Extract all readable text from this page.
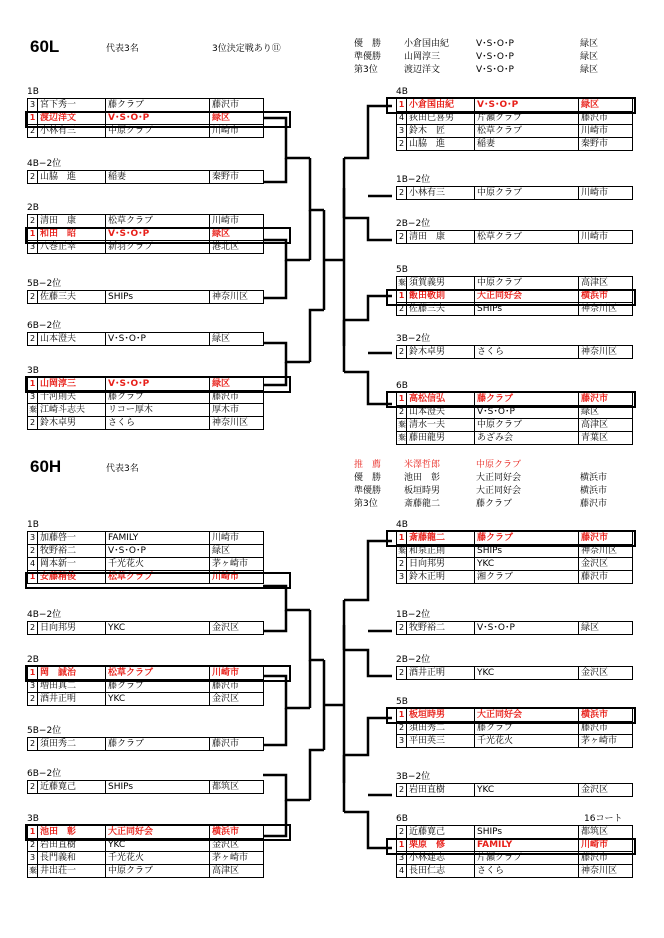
60L	代表3名	3位決定戦あり⑪	優　勝	小倉国由紀	V･S･O･P	緑区
準優勝	山岡淳三	V･S･O･P	緑区
第3位	渡辺洋文	V･S･O･P	緑区
60H	代表3名	推　薦	米澤哲郎	中原クラブ
優　勝	池田　彰	大正同好会	横浜市
準優勝	板垣時男	大正同好会	横浜市
第3位	斎藤龍二	藤クラブ	藤沢市
1B
3	宮下秀一	藤クラブ	藤沢市
1	渡辺洋文	V･S･O･P	緑区
2	小林有三	中原クラブ	川崎市
4B−2位
2	山脇　進	稲妻	秦野市
2B
2	清田　康	松草クラブ	川崎市
1	和田　昭	V･S･O･P	緑区
3	八巻正幸	新羽クラブ	港北区
5B−2位
2	佐藤三夫	SHIPs	神奈川区
6B−2位
2	山本澄夫	V･S･O･P	緑区
3B
1	山岡淳三	V･S･O･P	緑区
3	十河則夫	藤クラブ	藤沢市
棄	江崎斗志夫	リコー厚木	厚木市
2	鈴木卓男	さくら	神奈川区
4B
1	小倉国由紀	V･S･O･P	緑区
4	荻田巳喜男	片瀬クラブ	藤沢市
3	鈴木　匠	松草クラブ	川崎市
2	山脇　進	稲妻	秦野市
1B−2位
2	小林有三	中原クラブ	川崎市
2B−2位
2	清田　康	松草クラブ	川崎市
5B
棄	須賀義男	中原クラブ	高津区
1	飯田敬則	大正同好会	横浜市
2	佐藤三夫	SHIPs	神奈川区
3B−2位
2	鈴木卓男	さくら	神奈川区
6B
1	高松信弘	藤クラブ	藤沢市
2	山本澄夫	V･S･O･P	緑区
棄	清水一夫	中原クラブ	高津区
棄	藤田龍男	あざみ会	青葉区
1B
3	加藤啓一	FAMILY	川崎市
2	牧野裕二	V･S･O･P	緑区
4	岡本新一	千光花火	茅ヶ崎市
1	安藤精俊	松草クラブ	川崎市
4B−2位
2	日向邦男	YKC	金沢区
2B
1	岡　誠治	松草クラブ	川崎市
3	増田真二	藤クラブ	藤沢市
2	酒井正明	YKC	金沢区
5B−2位
2	須田秀二	藤クラブ	藤沢市
6B−2位
2	近藤寛己	SHIPs	都筑区
3B
1	池田　彰	大正同好会	横浜市
2	岩田直樹	YKC	金沢区
3	長門義和	千光花火	茅ヶ崎市
棄	井出荘一	中原クラブ	高津区
4B
1	斎藤龍二	藤クラブ	藤沢市
棄	和泉正則	SHIPs	神奈川区
2	日向邦男	YKC	金沢区
3	鈴木正明	湘クラブ	藤沢市
1B−2位
2	牧野裕二	V･S･O･P	緑区
2B−2位
2	酒井正明	YKC	金沢区
5B
1	板垣時男	大正同好会	横浜市
2	須田秀二	藤クラブ	藤沢市
3	平田英三	千光花火	茅ヶ崎市
3B−2位
2	岩田直樹	YKC	金沢区
6B	16コート
2	近藤寛己	SHIPs	都筑区
1	栗原　修	FAMILY	川崎市
3	小林建志	片瀬クラブ	藤沢市
4	長田仁志	さくら	神奈川区
